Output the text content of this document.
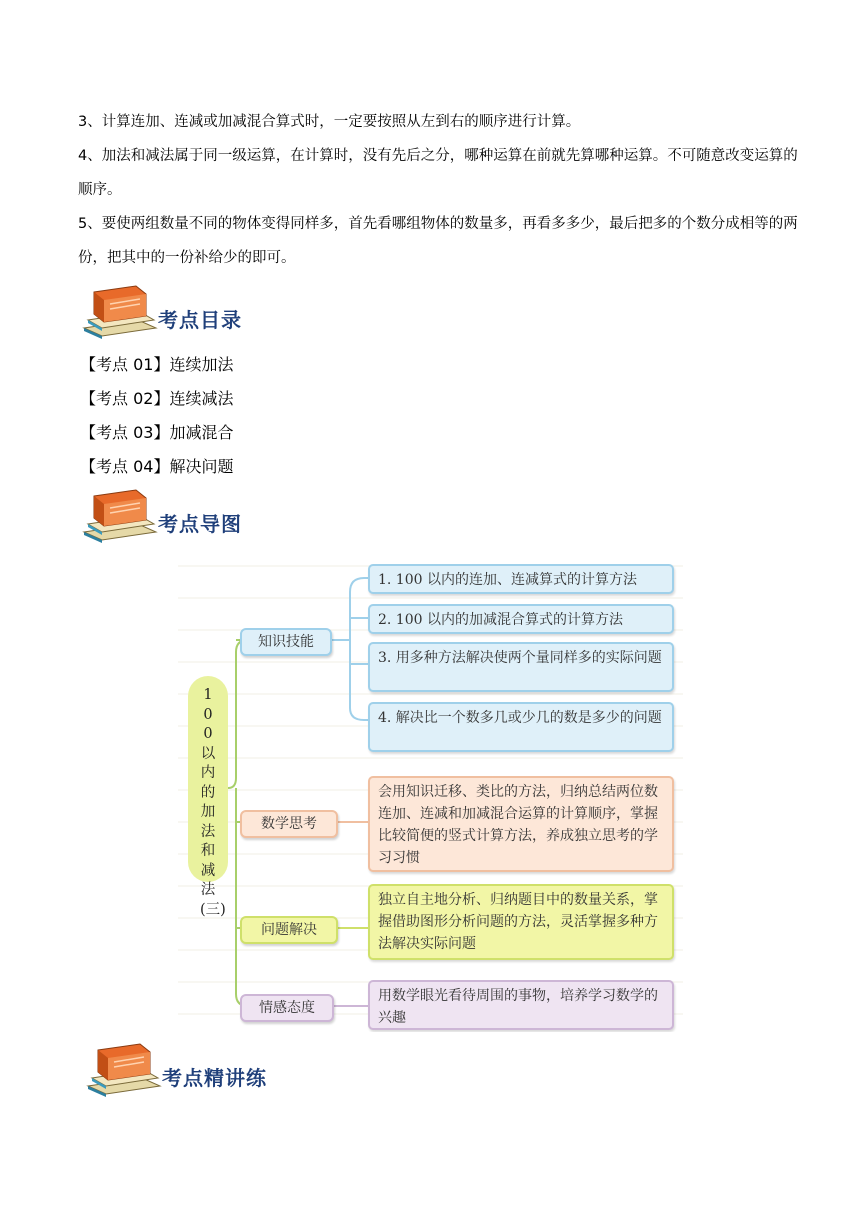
3、计算连加、连减或加减混合算式时，一定要按照从左到右的顺序进行计算。
4、加法和减法属于同一级运算，在计算时，没有先后之分，哪种运算在前就先算哪种运算。不可随意改变运算的顺序。
5、要使两组数量不同的物体变得同样多，首先看哪组物体的数量多，再看多多少，最后把多的个数分成相等的两份，把其中的一份补给少的即可。
考点目录
【考点 01】连续加法
【考点 02】连续减法
【考点 03】加减混合
【考点 04】解决问题
考点导图
100以内的加法和减法(三)
知识技能
1. 100 以内的连加、连减算式的计算方法
2. 100 以内的加减混合算式的计算方法
3. 用多种方法解决使两个量同样多的实际问题
4. 解决比一个数多几或少几的数是多少的问题
数学思考
会用知识迁移、类比的方法，归纳总结两位数连加、连减和加减混合运算的计算顺序，掌握比较简便的竖式计算方法，养成独立思考的学习习惯
问题解决
独立自主地分析、归纳题目中的数量关系，掌握借助图形分析问题的方法，灵活掌握多种方法解决实际问题
情感态度
用数学眼光看待周围的事物，培养学习数学的兴趣
考点精讲练
